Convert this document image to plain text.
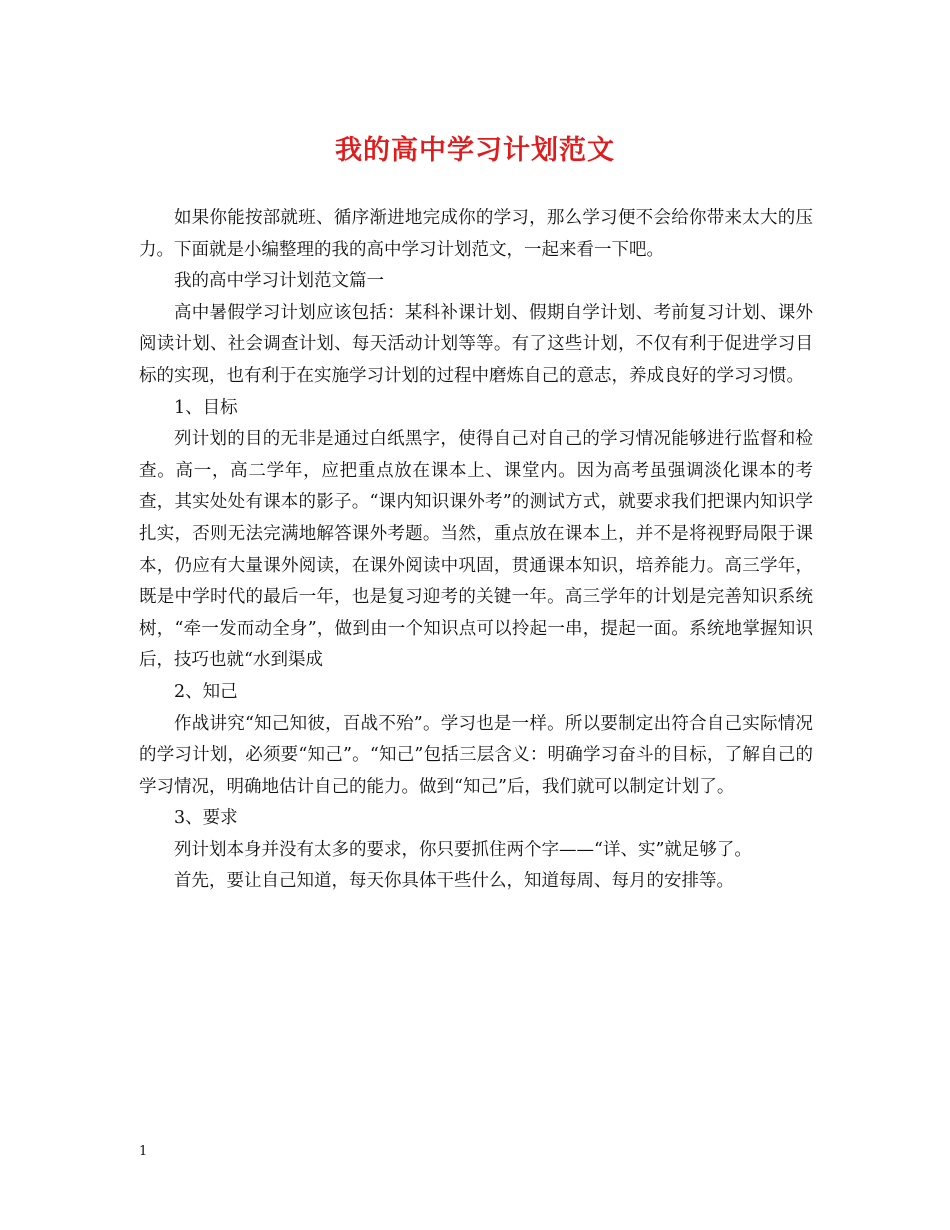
我的高中学习计划范文

如果你能按部就班、循序渐进地完成你的学习，那么学习便不会给你带来太大的压力。下面就是小编整理的我的高中学习计划范文，一起来看一下吧。

我的高中学习计划范文篇一

高中暑假学习计划应该包括：某科补课计划、假期自学计划、考前复习计划、课外阅读计划、社会调查计划、每天活动计划等等。有了这些计划，不仅有利于促进学习目标的实现，也有利于在实施学习计划的过程中磨炼自己的意志，养成良好的学习习惯。

1、目标

列计划的目的无非是通过白纸黑字，使得自己对自己的学习情况能够进行监督和检查。高一，高二学年，应把重点放在课本上、课堂内。因为高考虽强调淡化课本的考查，其实处处有课本的影子。“课内知识课外考”的测试方式，就要求我们把课内知识学扎实，否则无法完满地解答课外考题。当然，重点放在课本上，并不是将视野局限于课本，仍应有大量课外阅读，在课外阅读中巩固，贯通课本知识，培养能力。高三学年，既是中学时代的最后一年，也是复习迎考的关键一年。高三学年的计划是完善知识系统树，“牵一发而动全身”，做到由一个知识点可以拎起一串，提起一面。系统地掌握知识后，技巧也就“水到渠成

2、知己

作战讲究“知己知彼，百战不殆”。学习也是一样。所以要制定出符合自己实际情况的学习计划，必须要“知己”。“知己”包括三层含义：明确学习奋斗的目标，了解自己的学习情况，明确地估计自己的能力。做到“知己”后，我们就可以制定计划了。

3、要求

列计划本身并没有太多的要求，你只要抓住两个字——“详、实”就足够了。

首先，要让自己知道，每天你具体干些什么，知道每周、每月的安排等。

1
